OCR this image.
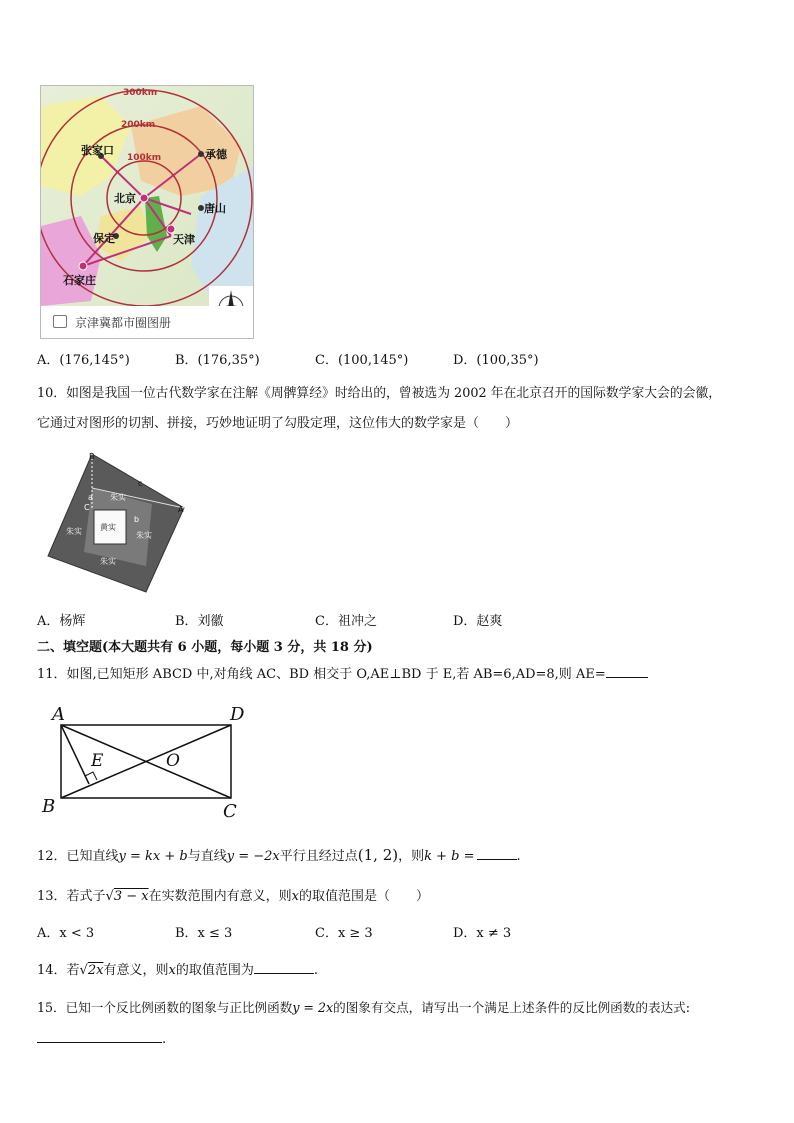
300km
200km
100km
张家口	承德
北京
唐山
保定	天津
石家庄
京津冀都市圈图册
A．(176,145°)	B．(176,35°)	C．(100,145°)	D．(100,35°)
10．如图是我国一位古代数学家在注解《周髀算经》时给出的，曾被选为 2002 年在北京召开的国际数学家大会的会徽，
它通过对图形的切割、拼接，巧妙地证明了勾股定理，这位伟大的数学家是（　　）
B
A
C
c
a
b
朱实
朱实	朱实
朱实
黄实
A．杨辉	B．刘徽	C．祖冲之	D．赵爽
二、填空题(本大题共有 6 小题，每小题 3 分，共 18 分)
11．如图,已知矩形 ABCD 中,对角线 AC、BD 相交于 O,AE⊥BD 于 E,若 AB=6,AD=8,则 AE=
A	D
B	C
E	O
12．已知直线y = kx + b与直线y = −2x平行且经过点(1, 2)，则k + b =	.
13．若式子√3 − x在实数范围内有意义，则x的取值范围是（　　）
A．x < 3	B．x ≤ 3	C．x ≥ 3	D．x ≠ 3
14．若√2x有意义，则x的取值范围为	.
15．已知一个反比例函数的图象与正比例函数y = 2x的图象有交点，请写出一个满足上述条件的反比例函数的表达式:
.
